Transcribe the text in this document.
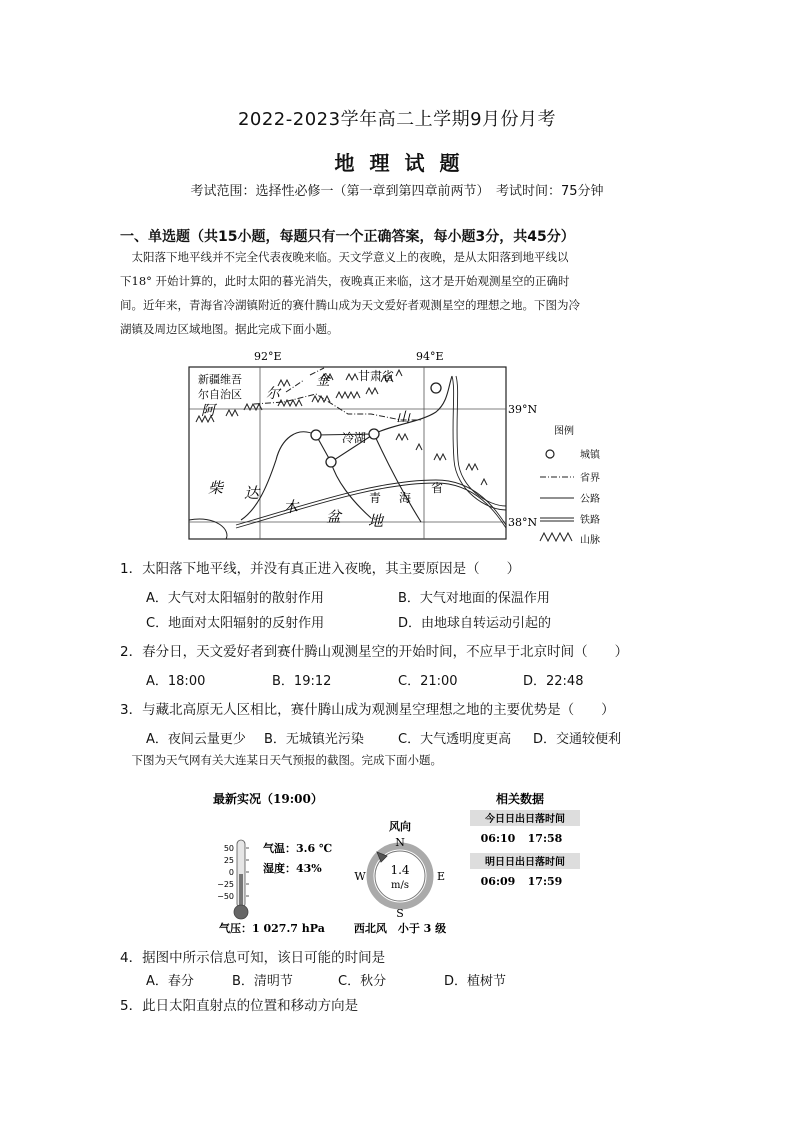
2022-2023学年高二上学期9月份月考
地 理 试 题
考试范围：选择性必修一（第一章到第四章前两节）　考试时间：75分钟
一、单选题（共15小题，每题只有一个正确答案，每小题3分，共45分）

　太阳落下地平线并不完全代表夜晚来临。天文学意义上的夜晚，是从太阳落到地平线以

下18° 开始计算的，此时太阳的暮光消失，夜晚真正来临，这才是开始观测星空的正确时

间。近年来，青海省冷湖镇附近的赛什腾山成为天文爱好者观测星空的理想之地。下图为冷

湖镇及周边区域地图。据此完成下面小题。

92°E	94°E
新疆维吾
尔自治区
甘肃省
青 海
省
冷湖
尔
金
山
阿
柴 达
木
盆 地
39°N
38°N
图例
城镇
省界
公路
铁路
山脉
1．太阳落下地平线，并没有真正进入夜晚，其主要原因是（　　）
A．大气对太阳辐射的散射作用	B．大气对地面的保温作用
C．地面对太阳辐射的反射作用	D．由地球自转运动引起的
2．春分日，天文爱好者到赛什腾山观测星空的开始时间，不应早于北京时间（　　）
A．18:00	B．19:12	C．21:00	D．22:48
3．与藏北高原无人区相比，赛什腾山成为观测星空理想之地的主要优势是（　　）
A．夜间云量更少 B．无城镇光污染	C．大气透明度更高 D．交通较便利
　下图为天气网有关大连某日天气预报的截图。完成下面小题。
最新实况（19:00）
50
25
0
−25
−50
气温：3.6 ℃
湿度：43%
气压：1 027.7 hPa
风向
N
E
S
W 1.4
m/s
西北风　小于 3 级
相关数据
今日日出日落时间
06:10 17:58
明日日出日落时间
06:09 17:59
4．据图中所示信息可知，该日可能的时间是
A．春分	B．清明节	C．秋分	D．植树节
5．此日太阳直射点的位置和移动方向是
